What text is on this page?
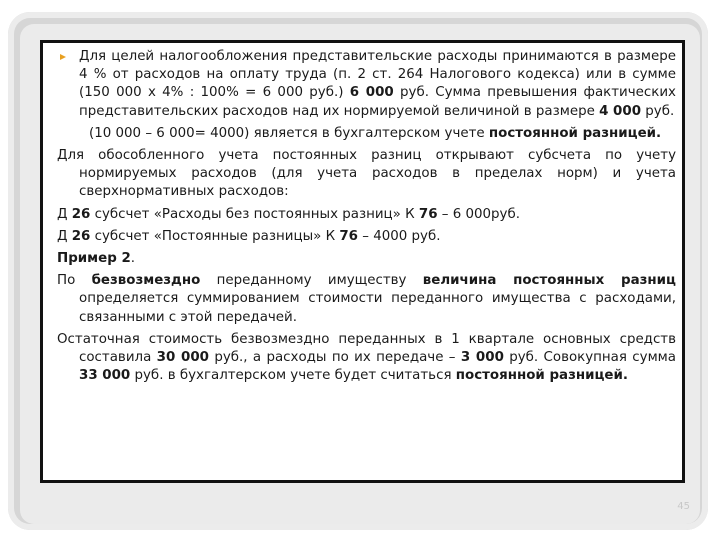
Для целей налогообложения представительские расходы принимаются в размере 4 % от расходов на оплату труда (п. 2 ст. 264 Налогового кодекса) или в сумме (150 000 х 4% : 100% = 6 000 руб.) 6 000 руб. Сумма превышения фактических представительских расходов над их нормируемой величиной в размере 4 000 руб.
(10 000 – 6 000= 4000) является в бухгалтерском учете постоянной разницей.
Для обособленного учета постоянных разниц открывают субсчета по учету нормируемых расходов (для учета расходов в пределах норм) и учета сверхнормативных расходов:
Д 26 субсчет «Расходы без постоянных разниц» К 76 – 6 000руб.
Д 26 субсчет «Постоянные разницы» К 76 – 4000 руб.
Пример 2.
По безвозмездно переданному имуществу величина постоянных разниц определяется суммированием стоимости переданного имущества с расходами, связанными с этой передачей.
Остаточная стоимость безвозмездно переданных в 1 квартале основных средств составила 30 000 руб., а расходы по их передаче – 3 000 руб. Совокупная сумма 33 000 руб. в бухгалтерском учете будет считаться постоянной разницей.
45
